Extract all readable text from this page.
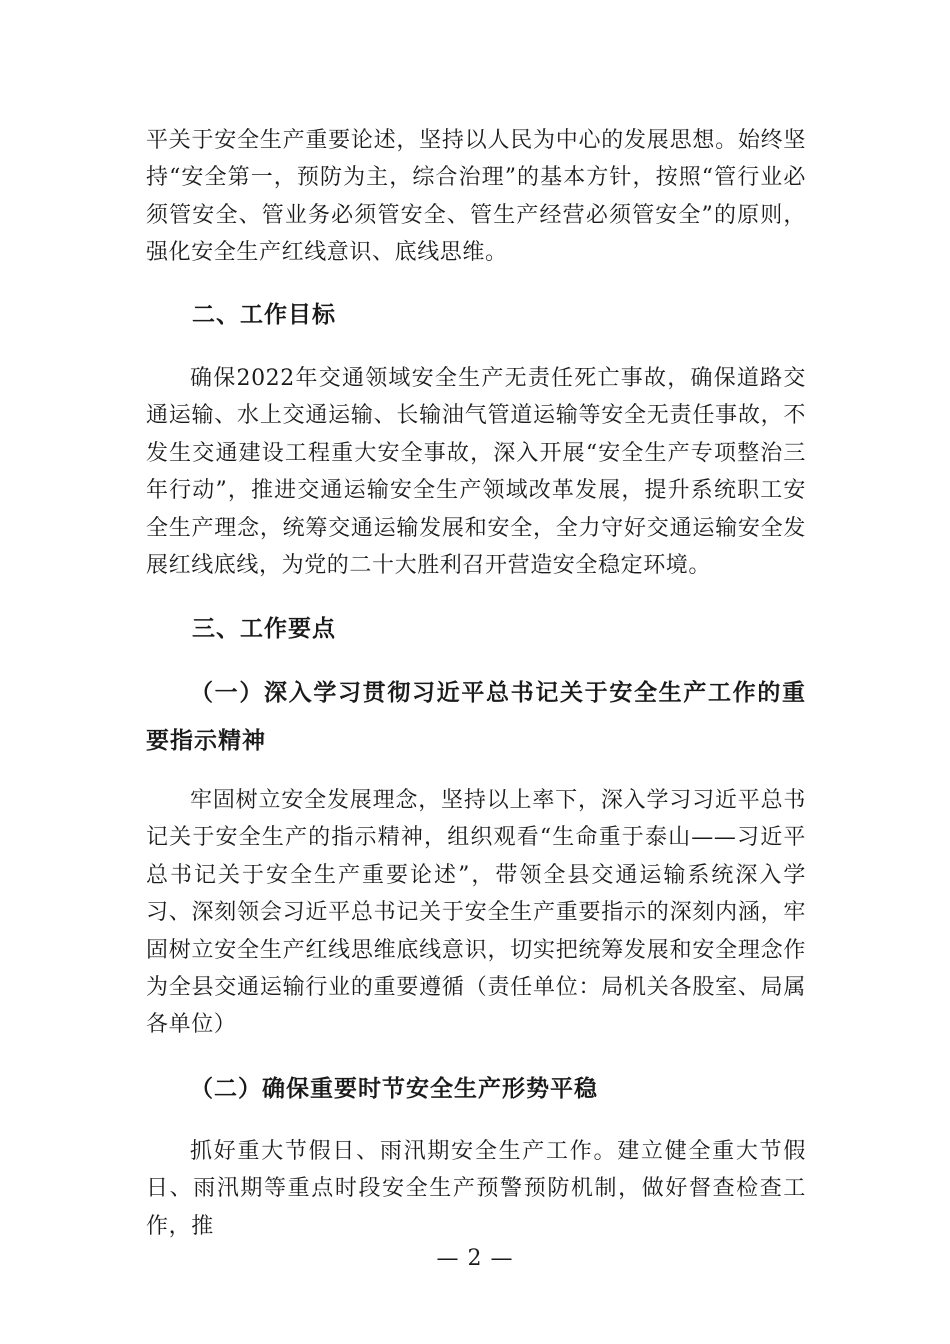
平关于安全生产重要论述，坚持以人民为中心的发展思想。始终坚持“安全第一，预防为主，综合治理”的基本方针，按照“管行业必须管安全、管业务必须管安全、管生产经营必须管安全”的原则，强化安全生产红线意识、底线思维。

二、工作目标

确保2022年交通领域安全生产无责任死亡事故，确保道路交通运输、水上交通运输、长输油气管道运输等安全无责任事故，不发生交通建设工程重大安全事故，深入开展“安全生产专项整治三年行动”，推进交通运输安全生产领域改革发展，提升系统职工安全生产理念，统筹交通运输发展和安全，全力守好交通运输安全发展红线底线，为党的二十大胜利召开营造安全稳定环境。

三、工作要点
（一）深入学习贯彻习近平总书记关于安全生产工作的重要指示精神

牢固树立安全发展理念，坚持以上率下，深入学习习近平总书记关于安全生产的指示精神，组织观看“生命重于泰山——习近平总书记关于安全生产重要论述”，带领全县交通运输系统深入学习、深刻领会习近平总书记关于安全生产重要指示的深刻内涵，牢固树立安全生产红线思维底线意识，切实把统筹发展和安全理念作为全县交通运输行业的重要遵循（责任单位：局机关各股室、局属各单位）

（二）确保重要时节安全生产形势平稳

抓好重大节假日、雨汛期安全生产工作。建立健全重大节假日、雨汛期等重点时段安全生产预警预防机制，做好督查检查工作，推

— 2 —
